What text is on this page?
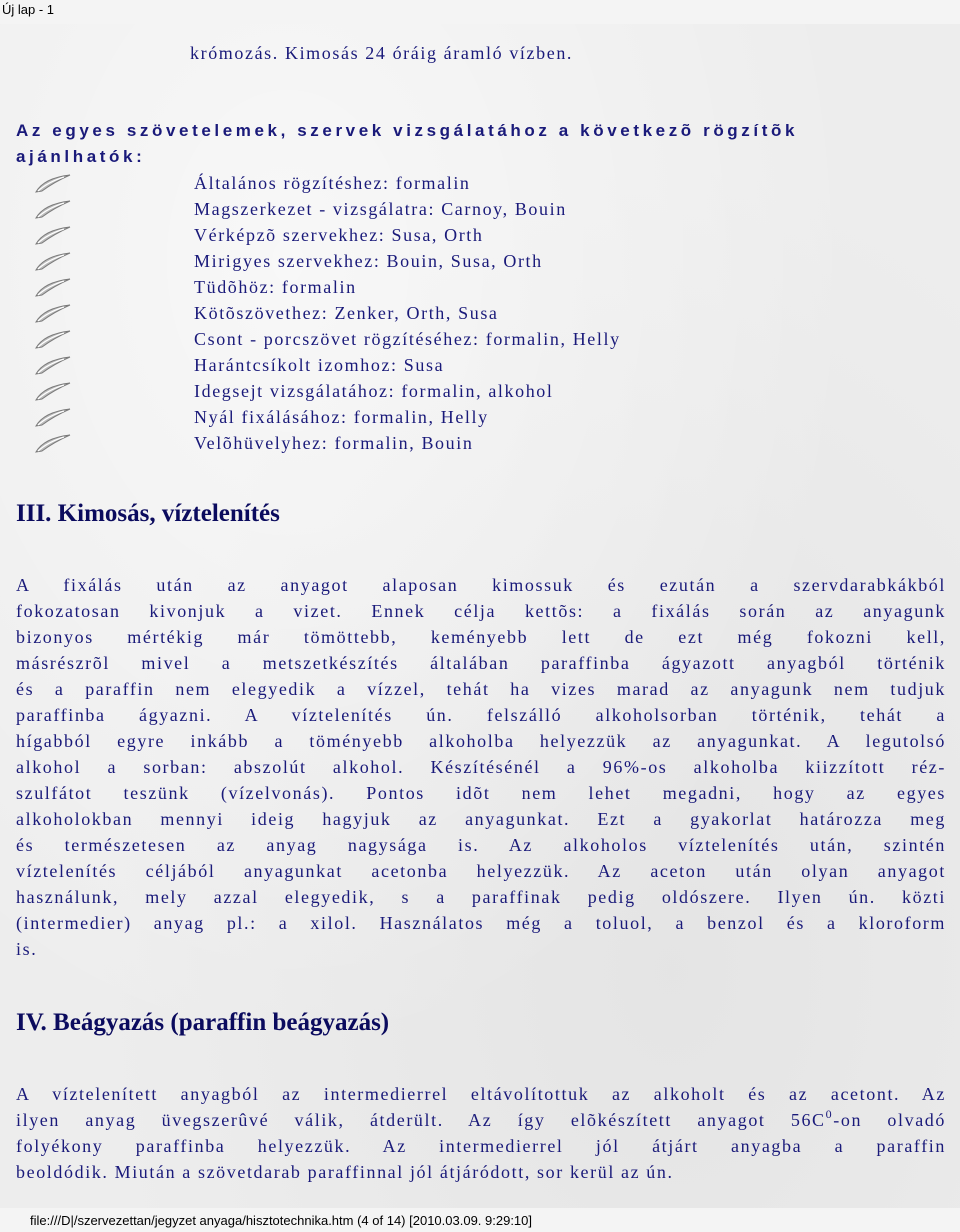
Új lap - 1
krómozás. Kimosás 24 óráig áramló vízben.
Az egyes szövetelemek, szervek vizsgálatához a következõ rögzítõk
ajánlhatók:
Általános rögzítéshez: formalin
Magszerkezet - vizsgálatra: Carnoy, Bouin
Vérképzõ szervekhez: Susa, Orth
Mirigyes szervekhez: Bouin, Susa, Orth
Tüdõhöz: formalin
Kötõszövethez: Zenker, Orth, Susa
Csont - porcszövet rögzítéséhez: formalin, Helly
Harántcsíkolt izomhoz: Susa
Idegsejt vizsgálatához: formalin, alkohol
Nyál fixálásához: formalin, Helly
Velõhüvelyhez: formalin, Bouin
III. Kimosás, víztelenítés
A fixálás után az anyagot alaposan kimossuk és ezután a szervdarabkákból
fokozatosan kivonjuk a vizet. Ennek célja kettõs: a fixálás során az anyagunk
bizonyos mértékig már tömöttebb, keményebb lett de ezt még fokozni kell,
másrészrõl mivel a metszetkészítés általában paraffinba ágyazott anyagból történik
és a paraffin nem elegyedik a vízzel, tehát ha vizes marad az anyagunk nem tudjuk
paraffinba ágyazni. A víztelenítés ún. felszálló alkoholsorban történik, tehát a
hígabból egyre inkább a töményebb alkoholba helyezzük az anyagunkat. A legutolsó
alkohol a sorban: abszolút alkohol. Készítésénél a 96%-os alkoholba kiizzított réz-
szulfátot teszünk (vízelvonás). Pontos idõt nem lehet megadni, hogy az egyes
alkoholokban mennyi ideig hagyjuk az anyagunkat. Ezt a gyakorlat határozza meg
és természetesen az anyag nagysága is. Az alkoholos víztelenítés után, szintén
víztelenítés céljából anyagunkat acetonba helyezzük. Az aceton után olyan anyagot
használunk, mely azzal elegyedik, s a paraffinak pedig oldószere. Ilyen ún. közti
(intermedier) anyag pl.: a xilol. Használatos még a toluol, a benzol és a kloroform
is.
IV. Beágyazás (paraffin beágyazás)
A víztelenített anyagból az intermedierrel eltávolítottuk az alkoholt és az acetont. Az
ilyen anyag üvegszerûvé válik, átderült. Az így elõkészített anyagot $56C^0-on$ olvadó
folyékony paraffinba helyezzük. Az intermedierrel jól átjárt anyagba a paraffin
beoldódik. Miután a szövetdarab paraffinnal jól átjáródott, sor kerül az ún.
file:///D|/szervezettan/jegyzet anyaga/hisztotechnika.htm (4 of 14) [2010.03.09. 9:29:10]
